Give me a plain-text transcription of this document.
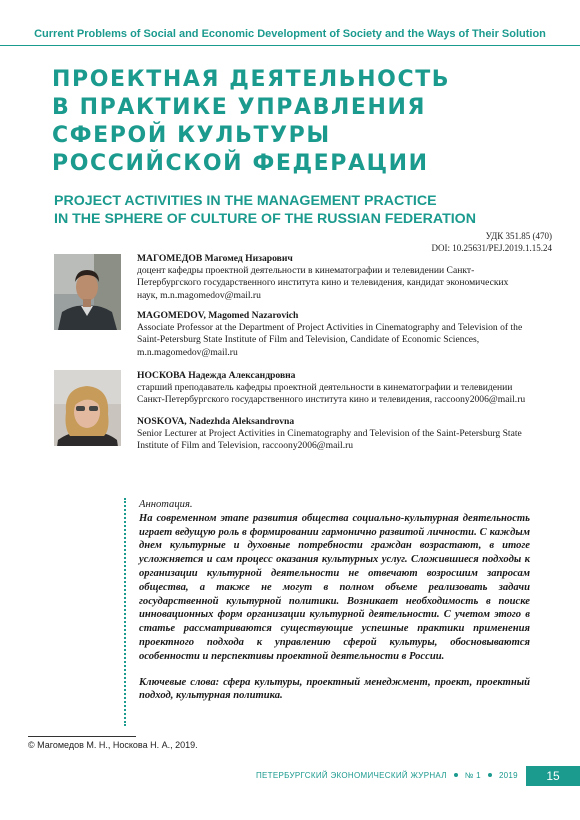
Current Problems of Social and Economic Development of Society and the Ways of Their Solution
ПРОЕКТНАЯ ДЕЯТЕЛЬНОСТЬ
В ПРАКТИКЕ УПРАВЛЕНИЯ
СФЕРОЙ КУЛЬТУРЫ
РОССИЙСКОЙ ФЕДЕРАЦИИ
PROJECT ACTIVITIES IN THE MANAGEMENT PRACTICE
IN THE SPHERE OF CULTURE OF THE RUSSIAN FEDERATION
УДК 351.85 (470)
DOI: 10.25631/PEJ.2019.1.15.24
МАГОМЕДОВ Магомед Низарович
доцент кафедры проектной деятельности в кинематографии и телевидении Санкт-Петербургского государственного института кино и телевидения, кандидат экономических наук, m.n.magomedov@mail.ru
MAGOMEDOV, Magomed Nazarovich
Associate Professor at the Department of Project Activities in Cinematography and Television of the Saint-Petersburg State Institute of Film and Television, Candidate of Economic Sciences, m.n.magomedov@mail.ru
НОСКОВА Надежда Александровна
старший преподаватель кафедры проектной деятельности в кинематографии и телевидении Санкт-Петербургского государственного института кино и телевидения, raccoony2006@mail.ru
NOSKOVA, Nadezhda Aleksandrovna
Senior Lecturer at Project Activities in Cinematography and Television of the Saint-Petersburg State Institute of Film and Television, raccoony2006@mail.ru
Аннотация.
На современном этапе развития общества социально-культурная деятельность играет ведущую роль в формировании гармонично развитой личности. С каждым днем культурные и духовные потребности граждан возрастают, в итоге усложняется и сам процесс оказания культурных услуг. Сложившиеся подходы к организации культурной деятельности не отвечают возросшим запросам общества, а также не могут в полном объеме реализовать задачи государственной культурной политики. Возникает необходимость в поиске инновационных форм организации культурной деятельности. С учетом этого в статье рассматриваются существующие успешные практики применения проектного подхода к управлению сферой культуры, обосновываются особенности и перспективы проектной деятельности в России.
Ключевые слова: сфера культуры, проектный менеджмент, проект, проектный подход, культурная политика.
© Магомедов М. Н., Носкова Н. А., 2019.
ПЕТЕРБУРГСКИЙ ЭКОНОМИЧЕСКИЙ ЖУРНАЛ № 1 2019	15
